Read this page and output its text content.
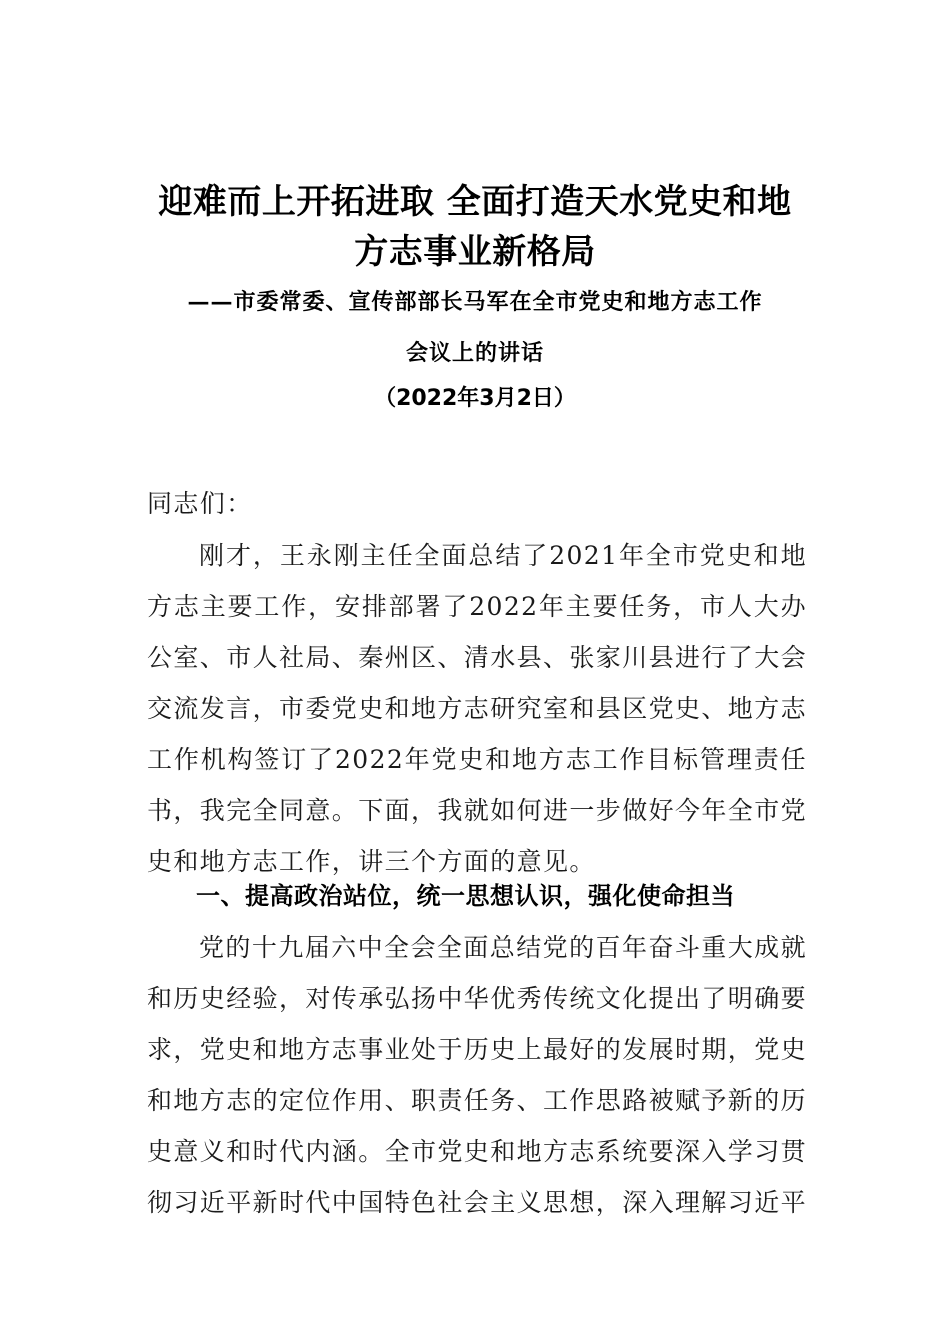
迎难而上开拓进取 全面打造天水党史和地
方志事业新格局

——市委常委、宣传部部长马军在全市党史和地方志工作

会议上的讲话

（2022年3月2日）

同志们：

刚才，王永刚主任全面总结了2021年全市党史和地方志主要工作，安排部署了2022年主要任务，市人大办公室、市人社局、秦州区、清水县、张家川县进行了大会交流发言，市委党史和地方志研究室和县区党史、地方志工作机构签订了2022年党史和地方志工作目标管理责任书，我完全同意。下面，我就如何进一步做好今年全市党史和地方志工作，讲三个方面的意见。

一、提高政治站位，统一思想认识，强化使命担当

党的十九届六中全会全面总结党的百年奋斗重大成就和历史经验，对传承弘扬中华优秀传统文化提出了明确要求，党史和地方志事业处于历史上最好的发展时期，党史和地方志的定位作用、职责任务、工作思路被赋予新的历史意义和时代内涵。全市党史和地方志系统要深入学习贯彻习近平新时代中国特色社会主义思想，深入理解习近平
